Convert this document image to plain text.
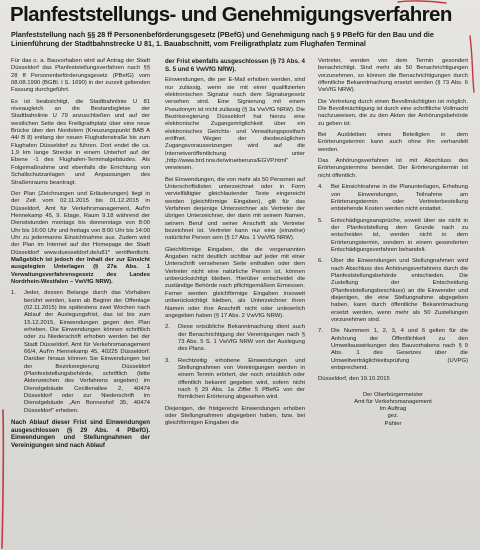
Planfeststellungs- und Genehmigungsverfahren
Planfeststellung nach §§ 28 ff Personenbeförderungsgesetz (PBefG) und Genehmigung nach § 9 PBefG für den Bau und die Linienführung der Stadtbahnstrecke U 81, 1. Bauabschnitt, vom Freiligrathplatz zum Flughafen Terminal

Für das o. a. Bauvorhaben wird auf Antrag der Stadt Düsseldorf das Planfeststellungsverfahren nach §§ 28 ff Personenbeförderungsgesetz (PBefG) vom 08.08.1990 (BGBl. I S. 1690) in der zurzeit geltenden Fassung durchgeführt.

Es ist beabsichtigt, die Stadtbahnlinie U 81 niveaugleich an die Bestandsgleise der Stadtbahnlinie U 79 anzuschließen und auf der westlichen Seite des Freiligrathplatz über eine neue Brücke über den Nordstern (Kreuzungspunkt BAB A 44/ B 8) entlang der neuen Flughafenstraße bis zum Flughafen Düsseldorf zu führen. Dort endet die ca. 1,9 km lange Strecke in einem Unterhof auf der Ebene -1 des Flughafen-Terminalgebäudes. Als Folgemaßnahme und ebenfalls die Errichtung von Schallschutzanlagen und Anpassungen des Straßenraums beantragt.

Der Plan (Zeichnungen und Erläuterungen) liegt in der Zeit vom 02.11.2015 bis 01.12.2015 in Düsseldorf, Amt für Verkehrsmanagement, Auf'm Hennekamp 45, 9. Etage, Raum 9.18 während der Dienststunden montags bis donnerstags von 8:00 Uhr bis 16:00 Uhr und freitags von 8:00 Uhr bis 14:00 Uhr zu jedermanns Einsichtnahme aus. Zudem wird der Plan im Internet auf der Homepage der Stadt Düsseldorf www.duesseldorf.de/u81* veröffentlicht. Maßgeblich ist jedoch der Inhalt der zur Einsicht ausgelegten Unterlagen (§ 27a Abs. 1 Verwaltungsverfahrensgesetz des Landes Nordrhein-Westfalen – VwVfG NRW).

1.	Jeder, dessen Belange durch das Vorhaben berührt werden, kann ab Beginn der Offenlage (02.11.2015) bis spätestens zwei Wochen nach Ablauf der Auslegungsfrist, das ist bis zum 15.12.2015, Einwendungen gegen den Plan erheben. Die Einwendungen können schriftlich oder zu Niederschrift erhoben werden bei der Stadt Düsseldorf, Amt für Verkehrsmanagement 66/4, Auf'm Hennekamp 45, 40225 Düsseldorf. Darüber hinaus können Sie Einwendungen bei der Bezirksregierung Düsseldorf (Planfeststellungsbehörde, schriftlich (bitte Aktenzeichen des Verfahrens angeben) im Dienstgebäude Cecilienallee 2, 40474 Düsseldorf oder zur Niederschrift im Dienstgebäude „Am Bonneshof 35, 40474 Düsseldorf“ erheben.

Nach Ablauf dieser Frist sind Einwendungen ausgeschlossen (§ 29 Abs. 4 PBefG). Einwendungen und Stellungnahmen der Vereinigungen sind nach Ablauf

der Frist ebenfalls ausgeschlossen (§ 73 Abs. 4 S. 5 und 6 VwVfG NRW).

Einwendungen, die per E-Mail erhoben werden, sind nur zulässig, wenn sie mit einer qualifizierten elektronischen Signatur nach dem Signaturgesetz versehen sind. Eine Signierung mit einem Pseudonym ist nicht zulässig (§ 3a VwVfG NRW). Die Bezirksregierung Düsseldorf hat hierzu eine elektronische Zugangsmöglichkeit über ein elektronisches Gerichts- und Verwaltungspostfach eröffnet. Wegen der diesbezüglichen Zugangsvoraussetzungen wird auf die Internetveröffentlichung unter „http://www.brd.nrw.de/wirueberuns/EGVP.html“ verwiesen.

Bei Einwendungen, die von mehr als 50 Personen auf Unterschriftslisten unterzeichnet oder in Form vervielfältigter gleichlautender Texte eingereicht werden (gleichförmige Eingaben), gilt für das Verfahren derjenige Unterzeichner als Vertreter der übrigen Unterzeichner, der darin mit seinem Namen, seinem Beruf und seiner Anschrift als Vertreter bezeichnet ist. Vertreter kann nur eine (einzelne) natürliche Person sein (§ 17 Abs. 1 VwVfG NRW).

Gleichförmige Eingaben, die die vorgenannten Angaben nicht deutlich sichtbar auf jeder mit einer Unterschrift versehenen Seite enthalten oder dem Vertreter nicht eine natürliche Person ist, können unberücksichtigt bleiben. Hierüber entscheidet die zuständige Behörde nach pflichtgemäßem Ermessen. Ferner werden gleichförmige Eingaben insoweit unberücksichtigt bleiben, als Unterzeichner ihren Namen oder ihre Anschrift nicht oder unleserlich angegeben haben (§ 17 Abs. 2 VwVfG NRW).

2.	Diese ortsübliche Bekanntmachung dient auch der Benachrichtigung der Vereinigungen nach § 73 Abs. 5 S. 1 VwVfG NRW von der Auslegung des Plans.
3.	Rechtzeitig erhobene Einwendungen und Stellungnahmen von Vereinigungen werden in einem Termin erörtert, der noch ortsüblich oder öffentlich bekannt gegeben wird, sofern nicht nach § 29 Abs. 1a Ziffer 5 PBefG von der förmlichen Erörterung abgesehen wird.

Diejenigen, die fristgerecht Einwendungen erhoben oder Stellungnahmen abgegeben haben, bzw. bei gleichförmigen Eingaben die

Vertreter, werden von dem Termin gesondert benachrichtigt. Sind mehr als 50 Benachrichtigungen vorzunehmen, so können die Benachrichtigungen durch öffentliche Bekanntmachung ersetzt werden (§ 73 Abs. 6 VwVfG NRW).

Die Vertretung durch einen Bevollmächtigten ist möglich. Die Bevollmächtigung ist durch eine schriftliche Vollmacht nachzuweisen, die zu den Akten der Anhörungsbehörde zu geben ist.

Bei Ausbleiben eines Beteiligten in dem Erörterungstermin kann auch ohne ihn verhandelt werden.

Das Anhörungsverfahren ist mit Abschluss des Erörterungstermins beendet. Der Erörterungstermin ist nicht öffentlich.

4.	Bei Einsichtnahme in die Planunterlagen, Erhebung von Einwendungen, Teilnahme am Erörterungstermin oder Vertreterbestellung entstehende Kosten werden nicht erstattet.
5.	Entschädigungsansprüche, soweit über sie nicht in der Planfeststellung dem Grunde nach zu entscheiden ist, werden nicht in dem Erörterungstermin, sondern in einem gesonderten Entschädigungsverfahren behandelt.
6.	Über die Einwendungen und Stellungnahmen wird nach Abschluss des Anhörungsverfahrens durch die Planfeststellungsbehörde entschieden. Die Zustellung der Entscheidung (Planfeststellungsbeschluss) an die Einwender und diejenigen, die eine Stellungnahme abgegeben haben, kann durch öffentliche Bekanntmachung ersetzt werden, wenn mehr als 50 Zustellungen vorzunehmen sind.
7.	Die Nummern 1, 2, 3, 4 und 6 gelten für die Anhörung der Öffentlichkeit zu den Umweltauswirkungen des Bauvorhabens nach § 9 Abs. 1 des Gesetzes über die Umweltverträglichkeitsprüfung (UVPG) entsprechend.

Düsseldorf, den 19.10.2015

Der Oberbürgermeister
Amt für Verkehrsmanagement
Im Auftrag
gez.
Pähler
